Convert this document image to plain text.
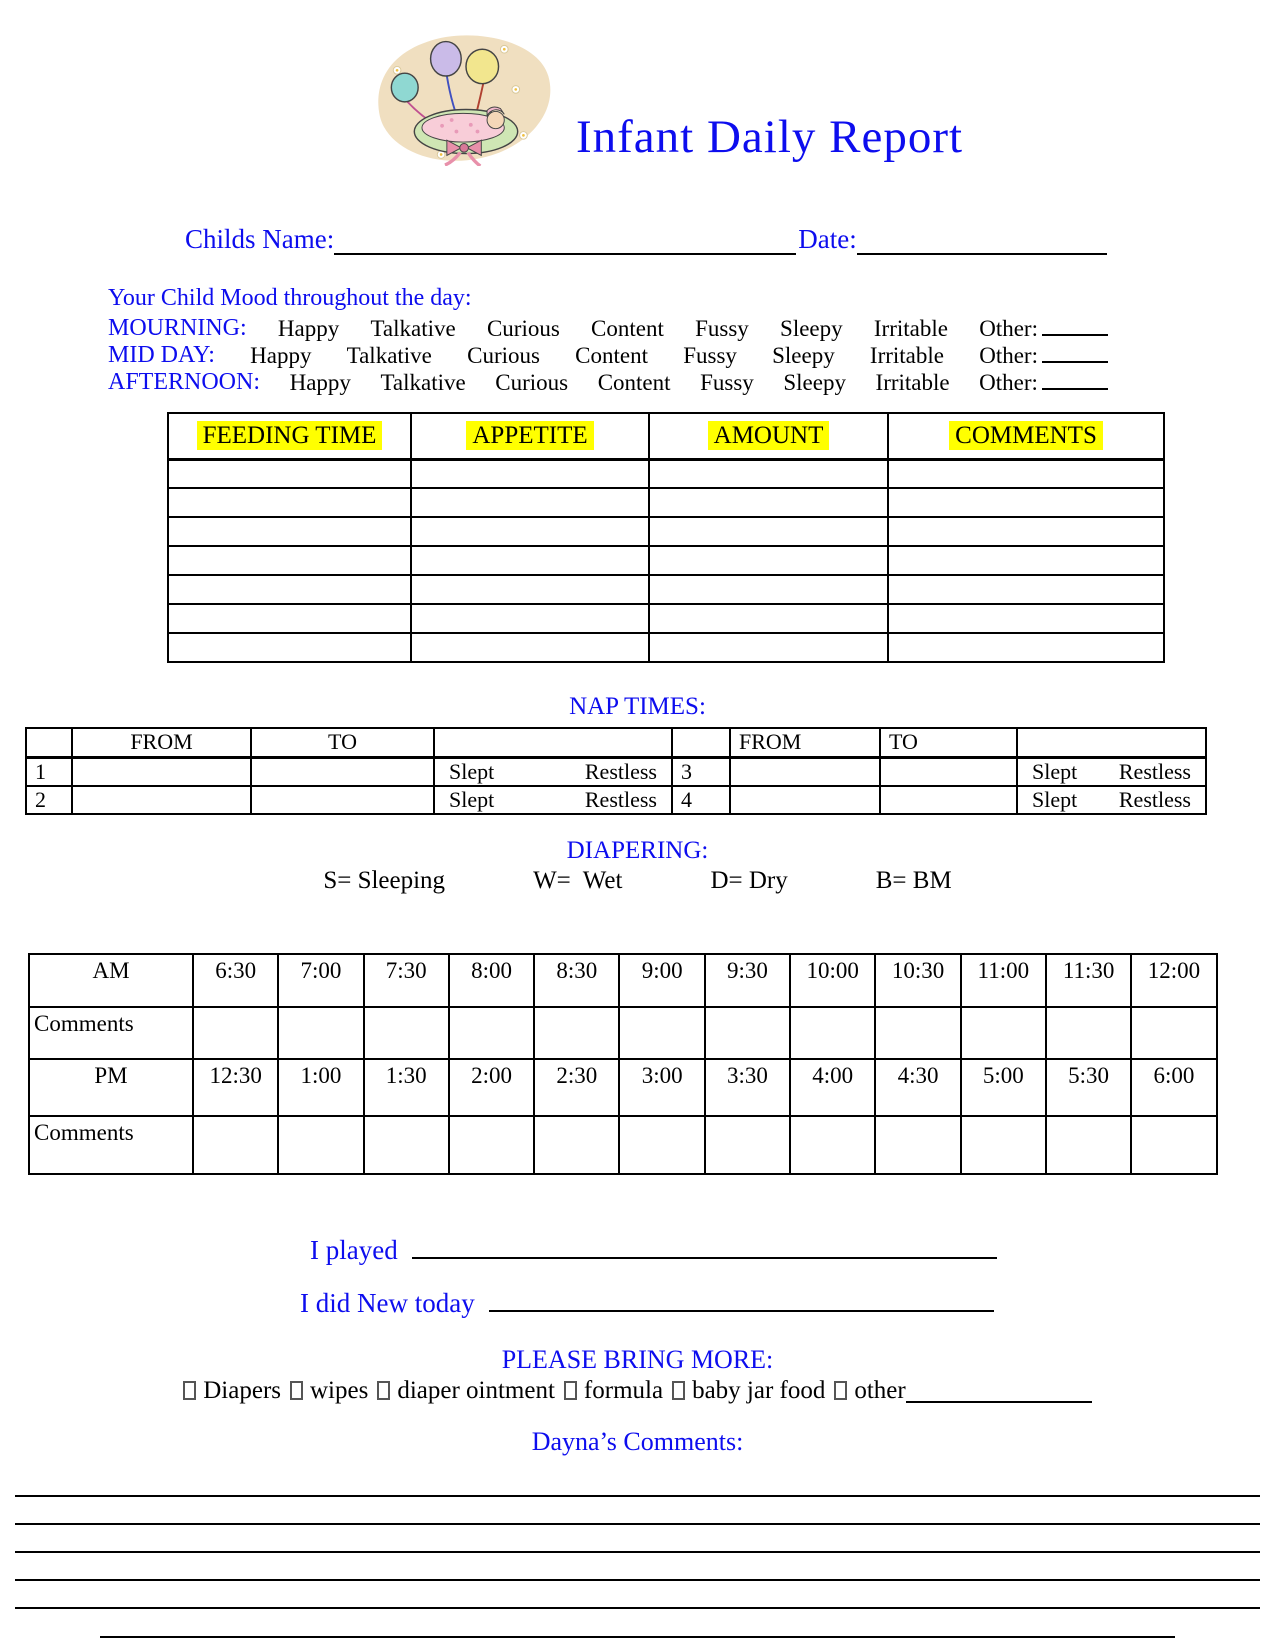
Infant Daily Report
Childs Name:	Date:
Your Child Mood throughout the day:
MOURNING: Happy Talkative Curious Content Fussy Sleepy Irritable Other:
MID DAY: Happy Talkative Curious Content Fussy Sleepy Irritable Other:
AFTERNOON: Happy Talkative Curious Content Fussy Sleepy Irritable Other:
FEEDING TIME	APPETITE	AMOUNT	COMMENTS

NAP TIMES:
	FROM	TO			FROM	TO	
1			Slept Restless	3			Slept Restless

2			Slept Restless	4			Slept Restless
DIAPERING:
S= Sleeping	W=  Wet	D= Dry	B= BM
AM	6:30	7:00	7:30	8:00	8:30	9:00	9:30	10:00	10:30	11:00	11:30	12:00
Comments												
PM	12:30	1:00	1:30	2:00	2:30	3:00	3:30	4:00	4:30	5:00	5:30	6:00
Comments												
I played
I did New today
PLEASE BRING MORE:
Diapers wipes diaper ointment formula baby jar food other
Dayna’s Comments:
